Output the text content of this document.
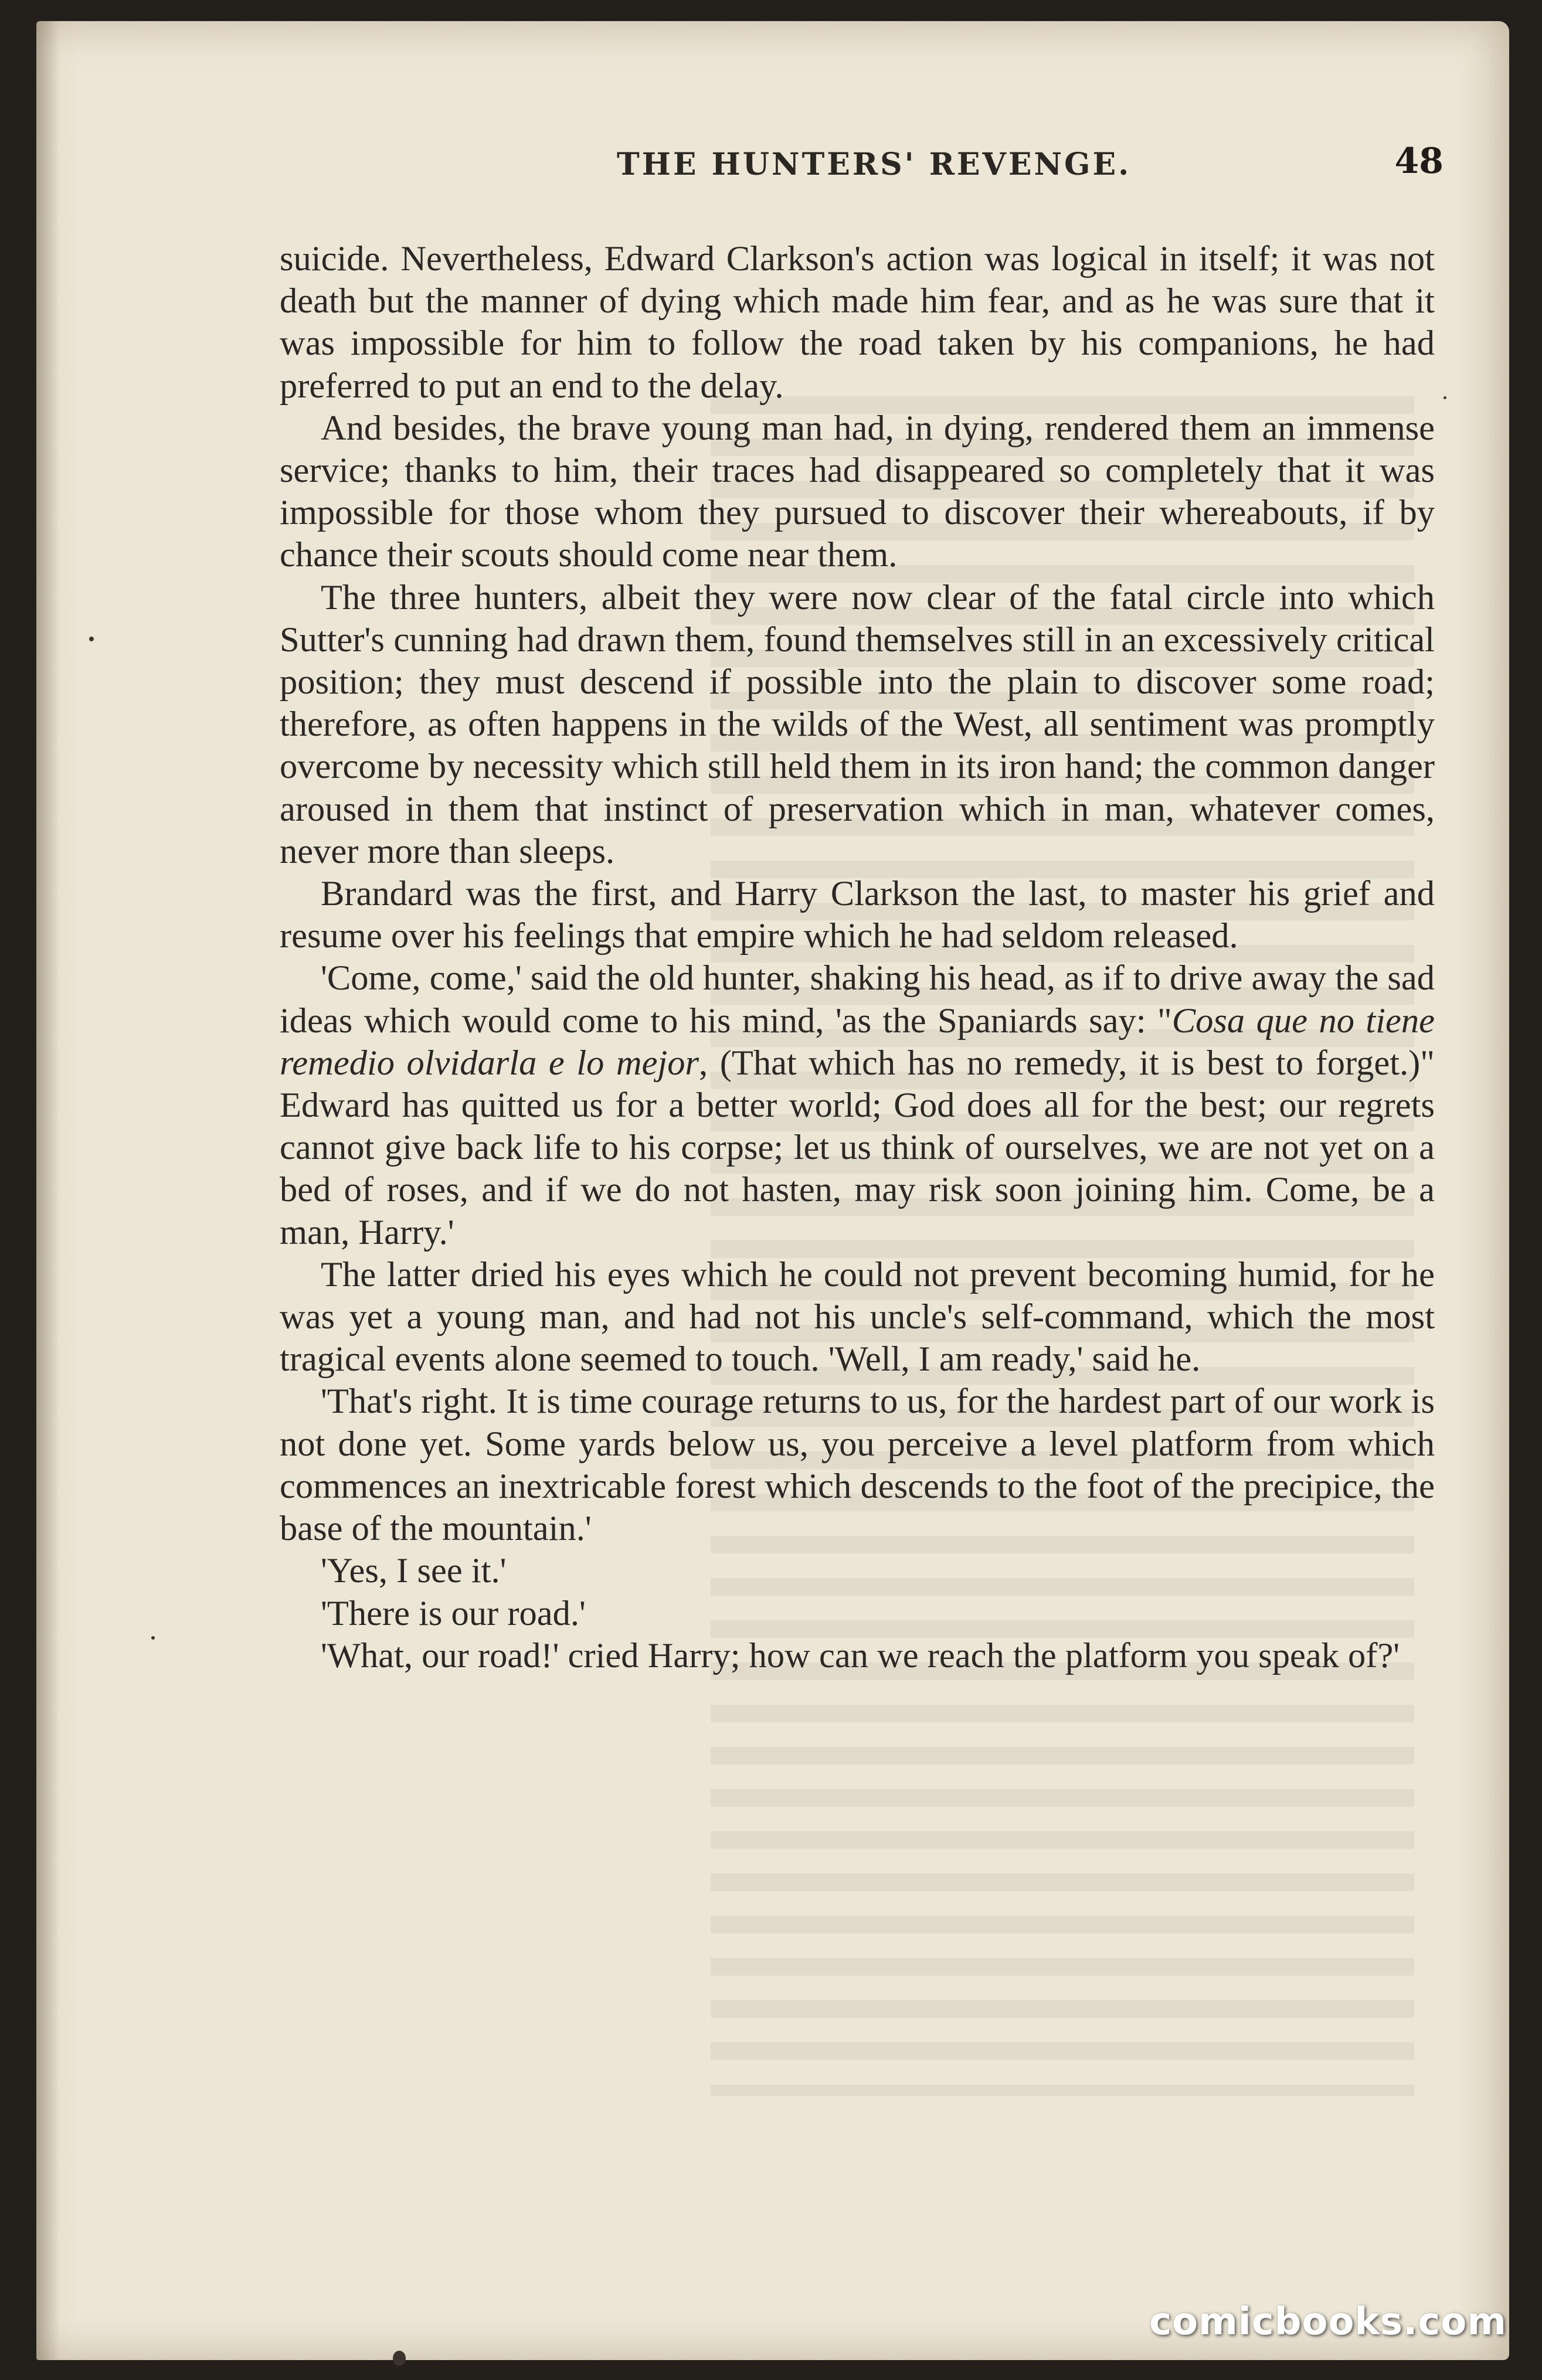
THE HUNTERS' REVENGE.	48

suicide. Nevertheless, Edward Clarkson's action was logical in itself; it was not death but the manner of dying which made him fear, and as he was sure that it was impossible for him to follow the road taken by his companions, he had preferred to put an end to the delay.

And besides, the brave young man had, in dying, rendered them an immense service; thanks to him, their traces had disappeared so completely that it was impossible for those whom they pursued to discover their whereabouts, if by chance their scouts should come near them.

The three hunters, albeit they were now clear of the fatal circle into which Sutter's cunning had drawn them, found themselves still in an excessively critical position; they must descend if possible into the plain to discover some road; therefore, as often happens in the wilds of the West, all sentiment was promptly overcome by necessity which still held them in its iron hand; the common danger aroused in them that instinct of preservation which in man, whatever comes, never more than sleeps.

Brandard was the first, and Harry Clarkson the last, to master his grief and resume over his feelings that empire which he had seldom released.

'Come, come,' said the old hunter, shaking his head, as if to drive away the sad ideas which would come to his mind, 'as the Spaniards say: "Cosa que no tiene remedio olvidarla e lo mejor, (That which has no remedy, it is best to forget.)" Edward has quitted us for a better world; God does all for the best; our regrets cannot give back life to his corpse; let us think of ourselves, we are not yet on a bed of roses, and if we do not hasten, may risk soon joining him. Come, be a man, Harry.'

The latter dried his eyes which he could not prevent becoming humid, for he was yet a young man, and had not his uncle's self-command, which the most tragical events alone seemed to touch. 'Well, I am ready,' said he.

'That's right. It is time courage returns to us, for the hardest part of our work is not done yet. Some yards below us, you perceive a level platform from which commences an inextricable forest which descends to the foot of the precipice, the base of the mountain.'

'Yes, I see it.'

'There is our road.'

'What, our road!' cried Harry; how can we reach the platform you speak of?'

comicbooks.com
